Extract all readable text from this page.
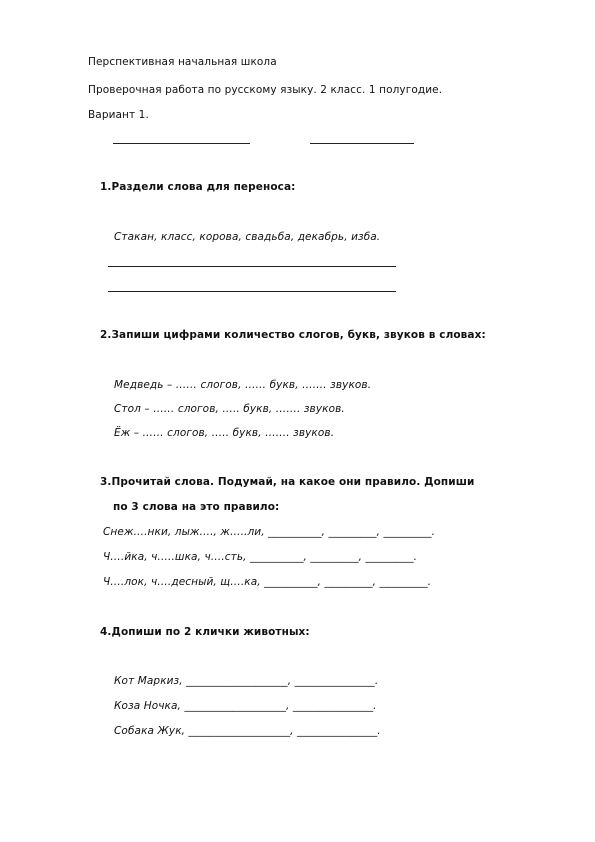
Перспективная начальная школа
Проверочная работа по русскому языку. 2 класс. 1 полугодие.
Вариант 1.
1.Раздели слова для переноса:
Стакан, класс, корова, свадьба, декабрь, изба.
2.Запиши цифрами количество слогов, букв, звуков в словах:
Медведь – …… слогов, …… букв, ……. звуков.
Стол – …… слогов, ….. букв, ……. звуков.
Ёж – …… слогов, ….. букв, ……. звуков.
3.Прочитай слова. Подумай, на какое они правило. Допиши
по 3 слова на это правило:
Снеж….нки, лыж…., ж…..ли, __________, _________, _________.
Ч….йка, ч…..шка, ч….сть, __________, _________, _________.
Ч….лок, ч….десный, щ….ка, __________, _________, _________.
4.Допиши по 2 клички животных:
Кот Маркиз, ___________________, _______________.
Коза Ночка, ___________________, _______________.
Собака Жук, ___________________, _______________.
